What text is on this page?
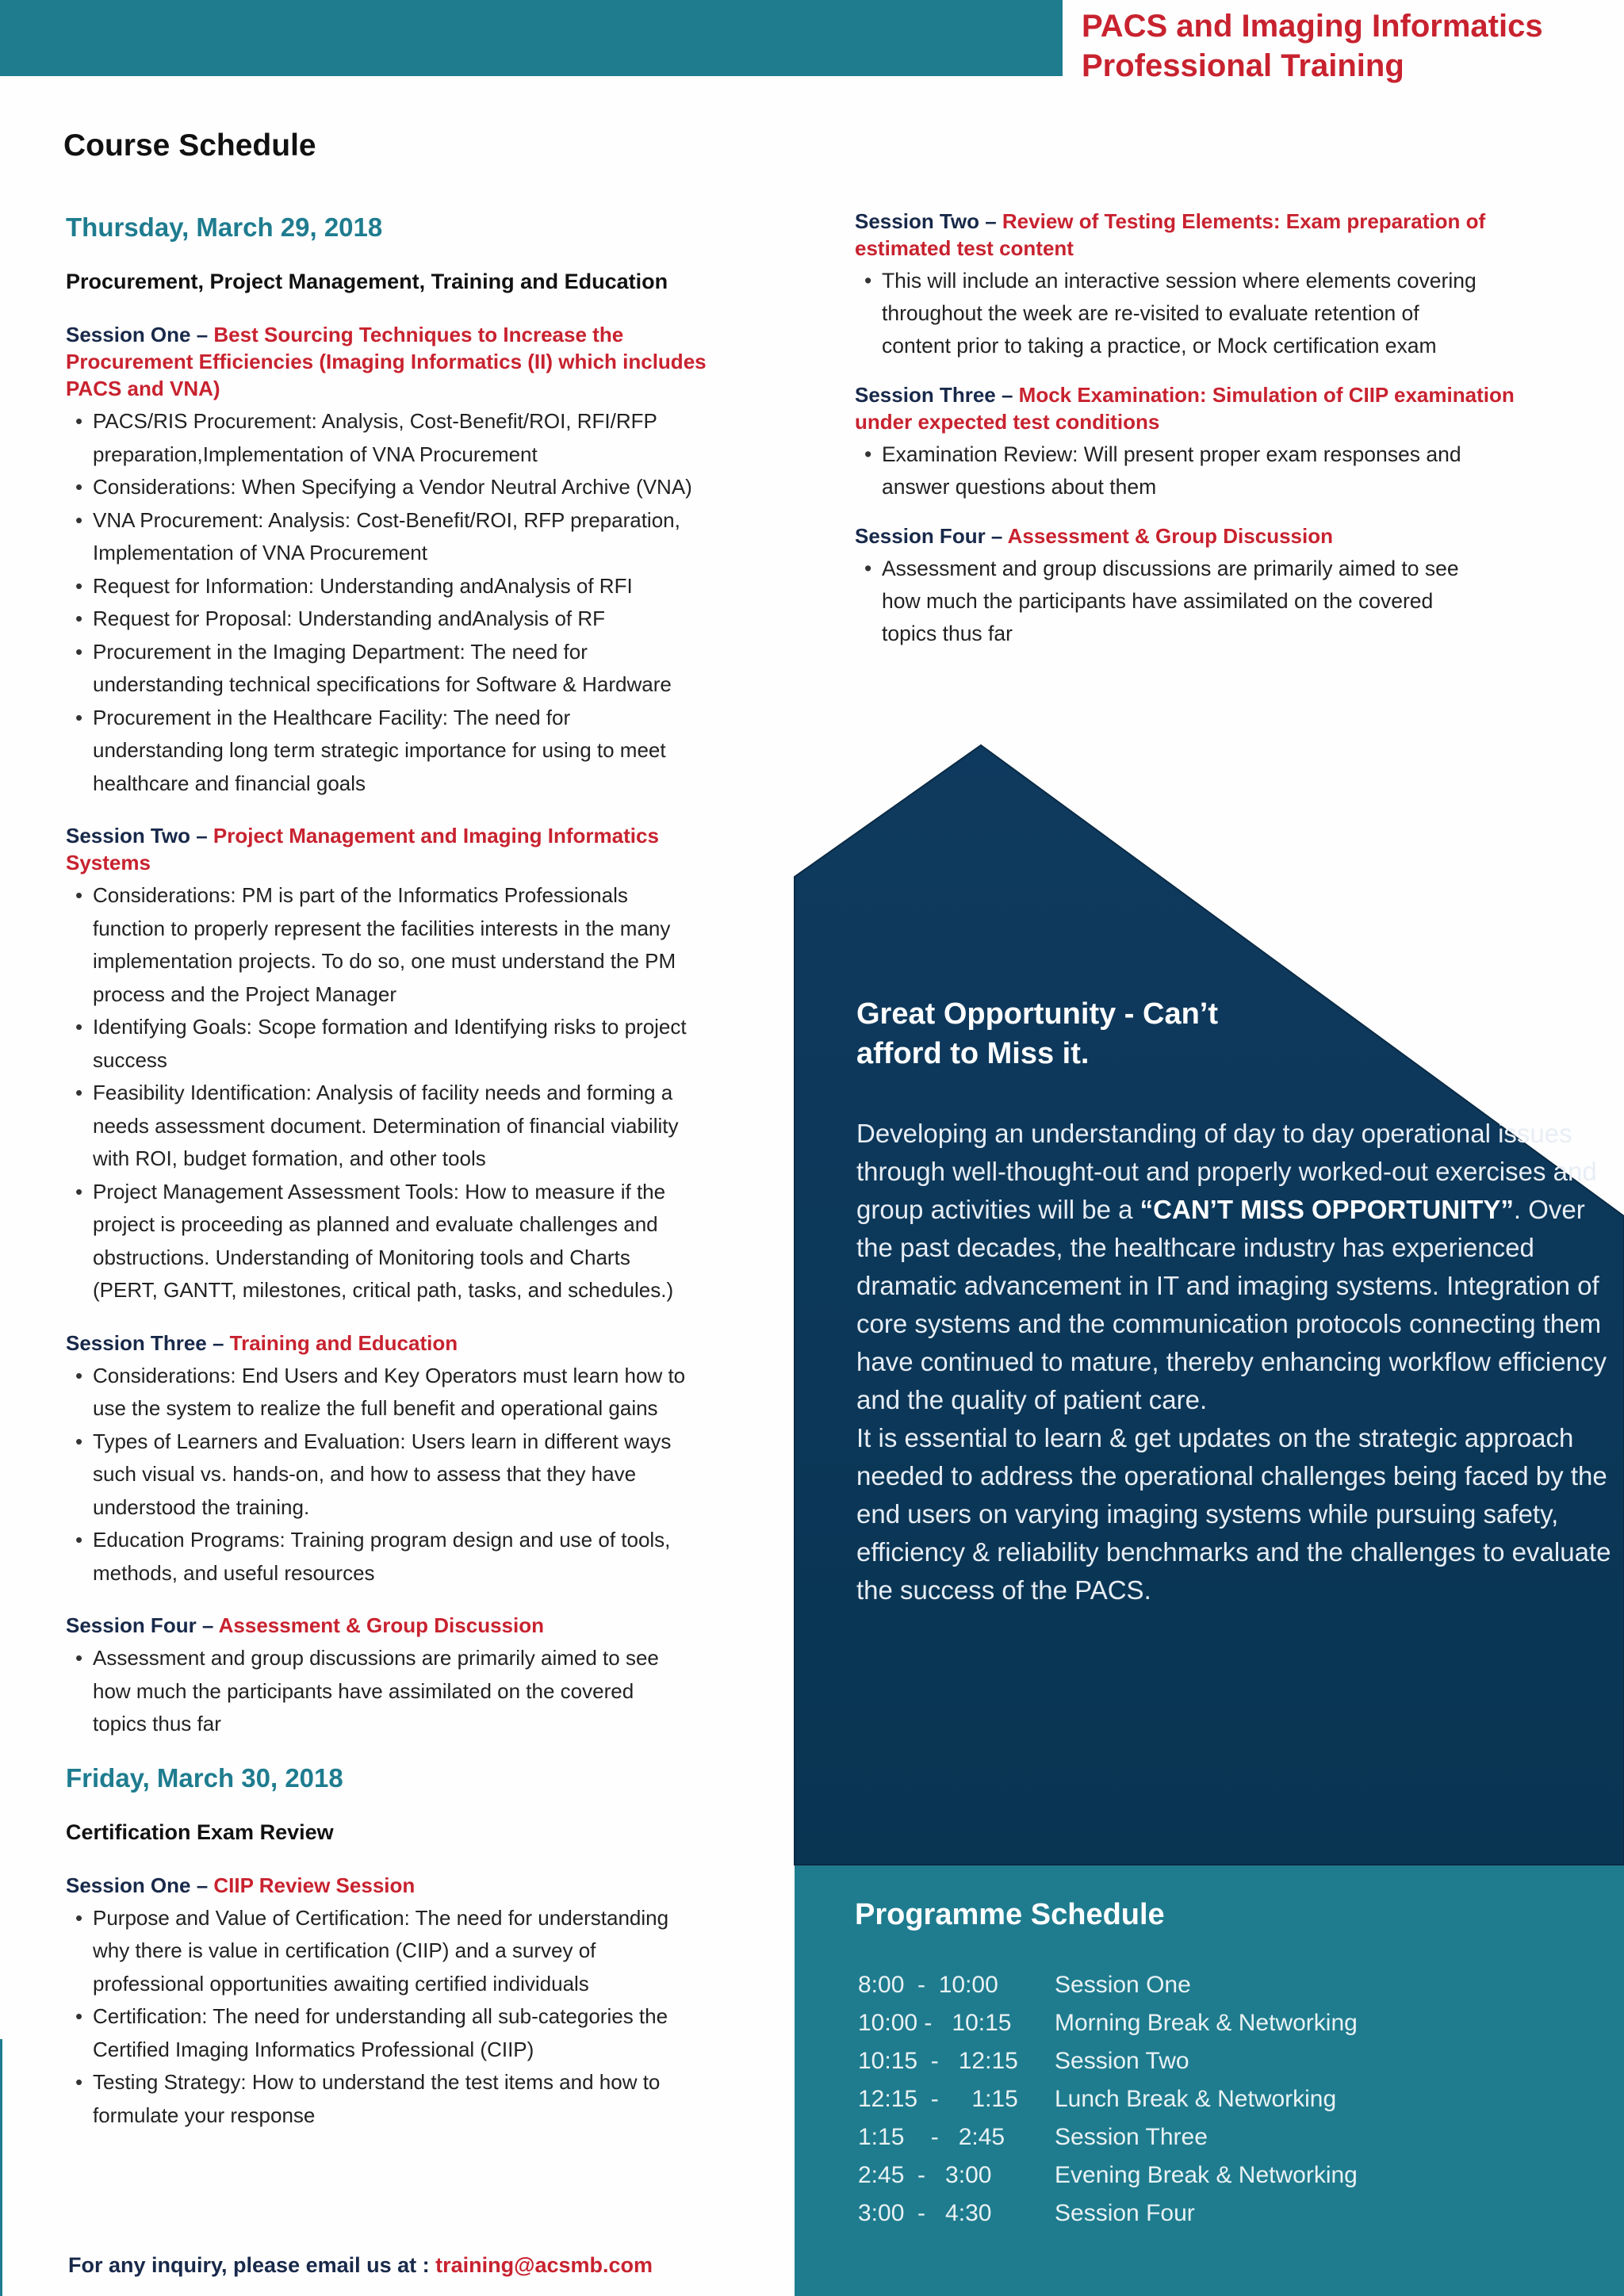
PACS and Imaging Informatics
Professional Training
Course Schedule
Thursday, March 29, 2018
Procurement, Project Management, Training and Education
Session One – Best Sourcing Techniques to Increase the
Procurement Efficiencies (Imaging Informatics (II) which includes
PACS and VNA)
• PACS/RIS Procurement: Analysis, Cost-Benefit/ROI, RFI/RFP
preparation,Implementation of VNA Procurement
• Considerations: When Specifying a Vendor Neutral Archive (VNA)
• VNA Procurement: Analysis: Cost-Benefit/ROI, RFP preparation,
Implementation of VNA Procurement
• Request for Information: Understanding andAnalysis of RFI
• Request for Proposal: Understanding andAnalysis of RF
• Procurement in the Imaging Department: The need for
understanding technical specifications for Software & Hardware
• Procurement in the Healthcare Facility: The need for
understanding long term strategic importance for using to meet
healthcare and financial goals
Session Two – Project Management and Imaging Informatics
Systems
• Considerations: PM is part of the Informatics Professionals
function to properly represent the facilities interests in the many
implementation projects. To do so, one must understand the PM
process and the Project Manager
• Identifying Goals: Scope formation and Identifying risks to project
success
• Feasibility Identification: Analysis of facility needs and forming a
needs assessment document. Determination of financial viability
with ROI, budget formation, and other tools
• Project Management Assessment Tools: How to measure if the
project is proceeding as planned and evaluate challenges and
obstructions. Understanding of Monitoring tools and Charts
(PERT, GANTT, milestones, critical path, tasks, and schedules.)
Session Three – Training and Education
• Considerations: End Users and Key Operators must learn how to
use the system to realize the full benefit and operational gains
• Types of Learners and Evaluation: Users learn in different ways
such visual vs. hands-on, and how to assess that they have
understood the training.
• Education Programs: Training program design and use of tools,
methods, and useful resources
Session Four – Assessment & Group Discussion
• Assessment and group discussions are primarily aimed to see
how much the participants have assimilated on the covered
topics thus far
Friday, March 30, 2018
Certification Exam Review
Session One – CIIP Review Session
• Purpose and Value of Certification: The need for understanding
why there is value in certification (CIIP) and a survey of
professional opportunities awaiting certified individuals
• Certification: The need for understanding all sub-categories the
Certified Imaging Informatics Professional (CIIP)
• Testing Strategy: How to understand the test items and how to
formulate your response
Session Two – Review of Testing Elements: Exam preparation of
estimated test content
• This will include an interactive session where elements covering
throughout the week are re-visited to evaluate retention of
content prior to taking a practice, or Mock certification exam
Session Three – Mock Examination: Simulation of CIIP examination
under expected test conditions
• Examination Review: Will present proper exam responses and
answer questions about them
Session Four – Assessment & Group Discussion
• Assessment and group discussions are primarily aimed to see
how much the participants have assimilated on the covered
topics thus far
Great Opportunity - Can’t
afford to Miss it.

Developing an understanding of day to day operational issues through well-thought-out and properly worked-out exercises and group activities will be a “CAN’T MISS OPPORTUNITY”. Over the past decades, the healthcare industry has experienced dramatic advancement in IT and imaging systems. Integration of core systems and the communication protocols connecting them have continued to mature, thereby enhancing workflow efficiency and the quality of patient care.
It is essential to learn & get updates on the strategic approach needed to address the operational challenges being faced by the end users on varying imaging systems while pursuing safety, efficiency & reliability benchmarks and the challenges to evaluate the success of the PACS.

Programme Schedule
8:00  -  10:00	Session One
10:00 -   10:15	Morning Break & Networking
10:15  -   12:15	Session Two
12:15  -     1:15	Lunch Break & Networking
1:15    -   2:45	Session Three
2:45  -   3:00	Evening Break & Networking
3:00  -   4:30	Session Four
For any inquiry, please email us at : training@acsmb.com
